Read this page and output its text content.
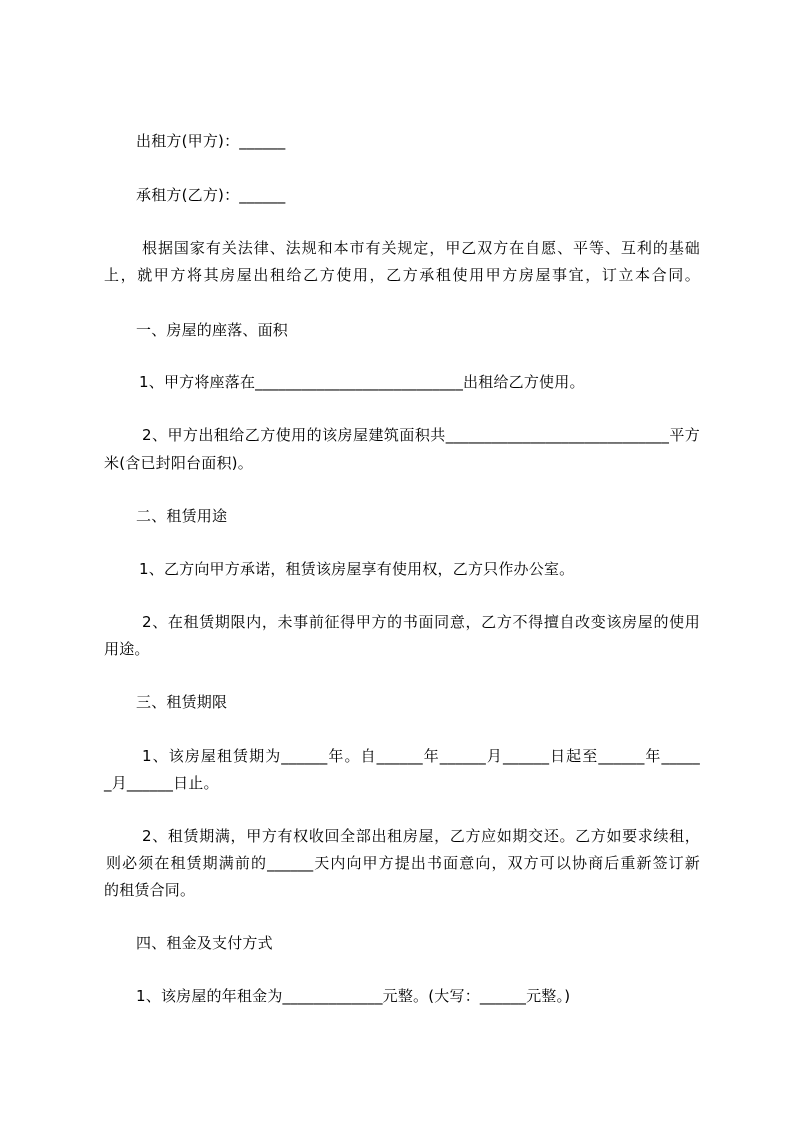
出租方(甲方)：______
承租方(乙方)：______
根据国家有关法律、法规和本市有关规定，甲乙双方在自愿、平等、互利的基础
上，就甲方将其房屋出租给乙方使用，乙方承租使用甲方房屋事宜，订立本合同。
一、房屋的座落、面积
1、甲方将座落在___________________________出租给乙方使用。
2、甲方出租给乙方使用的该房屋建筑面积共_____________________________平方
米(含已封阳台面积)。
二、租赁用途
1、乙方向甲方承诺，租赁该房屋享有使用权，乙方只作办公室。
2、在租赁期限内，未事前征得甲方的书面同意，乙方不得擅自改变该房屋的使用
用途。
三、租赁期限
1、该房屋租赁期为______年。自______年______月______日起至______年_____
_月______日止。
2、租赁期满，甲方有权收回全部出租房屋，乙方应如期交还。乙方如要求续租，
则必须在租赁期满前的______天内向甲方提出书面意向，双方可以协商后重新签订新
的租赁合同。
四、租金及支付方式
1、该房屋的年租金为_____________元整。(大写：______元整。)
